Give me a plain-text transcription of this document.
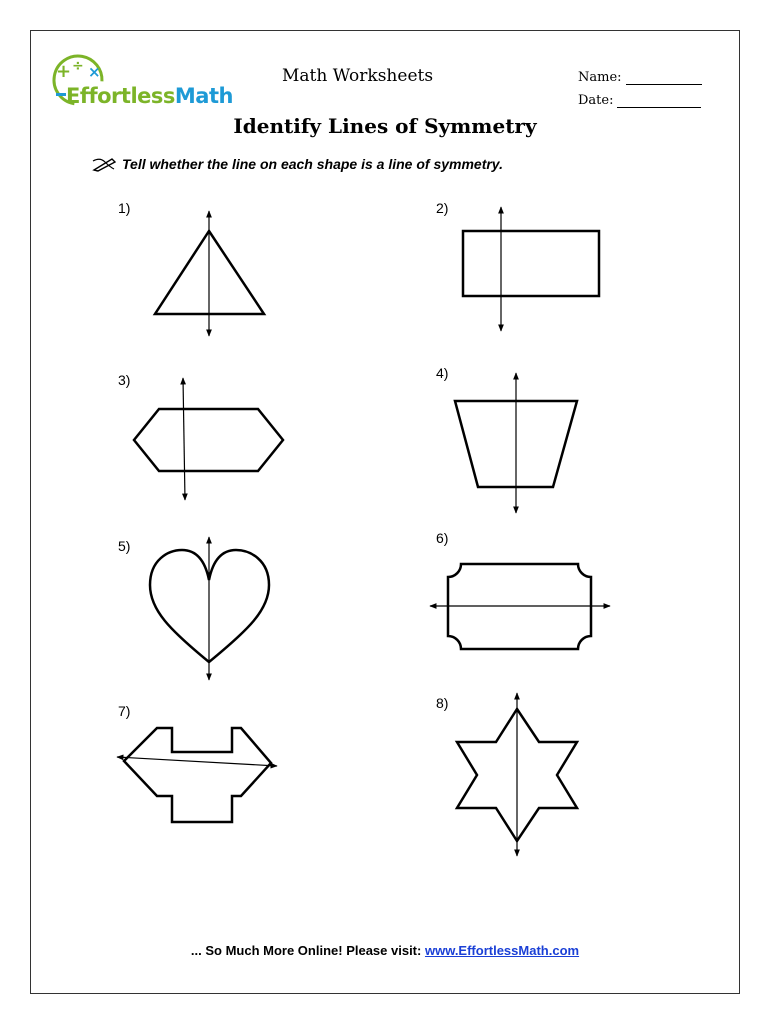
+ ÷ ×
EffortlessMath
Math Worksheets	Name:
Date:
Identify Lines of Symmetry
Tell whether the line on each shape is a line of symmetry.
1)	2)
3)	4)
5)	6)
7)	8)
... So Much More Online! Please visit: www.EffortlessMath.com
